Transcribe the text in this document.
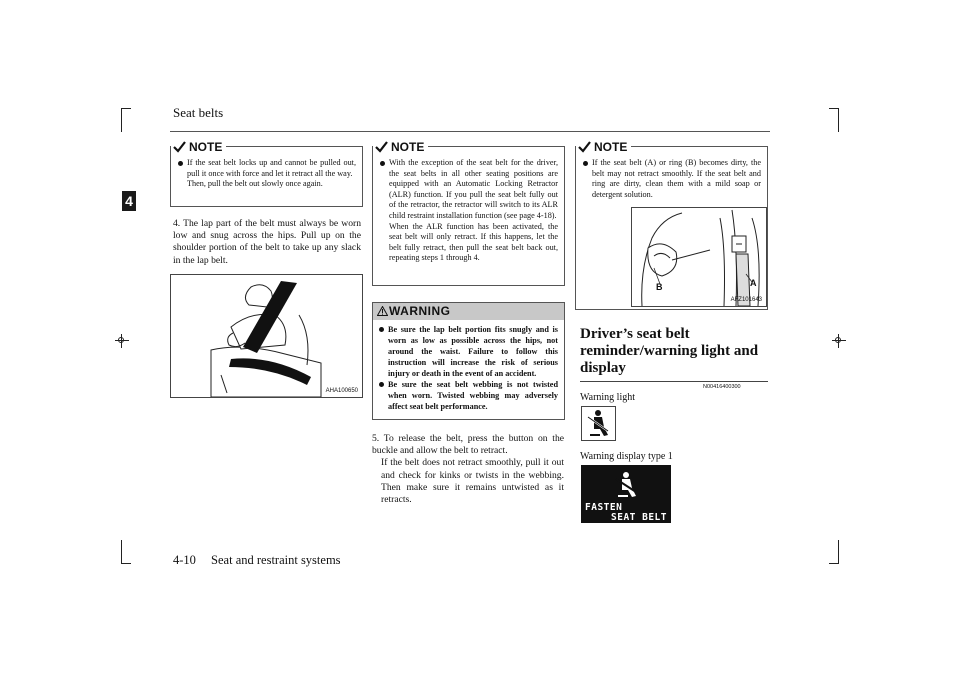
Seat belts
4
NOTE
If the seat belt locks up and cannot be pulled out, pull it once with force and let it retract all the way.
Then, pull the belt out slowly once again.
4. The lap part of the belt must always be worn low and snug across the hips. Pull up on the shoulder portion of the belt to take up any slack in the lap belt.
AHA100650
NOTE
With the exception of the seat belt for the driver, the seat belts in all other seating positions are equipped with an Automatic Locking Retractor (ALR) function. If you pull the seat belt fully out of the retractor, the retractor will switch to its ALR child restraint installation function (see page 4-18).
When the ALR function has been activated, the seat belt will only retract. If this happens, let the belt fully retract, then pull the seat belt back out, repeating steps 1 through 4.
WARNING
Be sure the lap belt portion fits snugly and is worn as low as possible across the hips, not around the waist. Failure to follow this instruction will increase the risk of serious injury or death in the event of an accident.
Be sure the seat belt webbing is not twisted when worn. Twisted webbing may adversely affect seat belt performance.
5. To release the belt, press the button on the buckle and allow the belt to retract.
If the belt does not retract smoothly, pull it out and check for kinks or twists in the webbing. Then make sure it remains untwisted as it retracts.
NOTE
If the seat belt (A) or ring (B) becomes dirty, the belt may not retract smoothly. If the seat belt and ring are dirty, clean them with a mild soap or detergent solution.
B	A
AFZ101643
Driver’s seat belt reminder/warning light and display
N00416400300
Warning light
Warning display type 1
FASTEN
SEAT BELT
4-10 Seat and restraint systems
